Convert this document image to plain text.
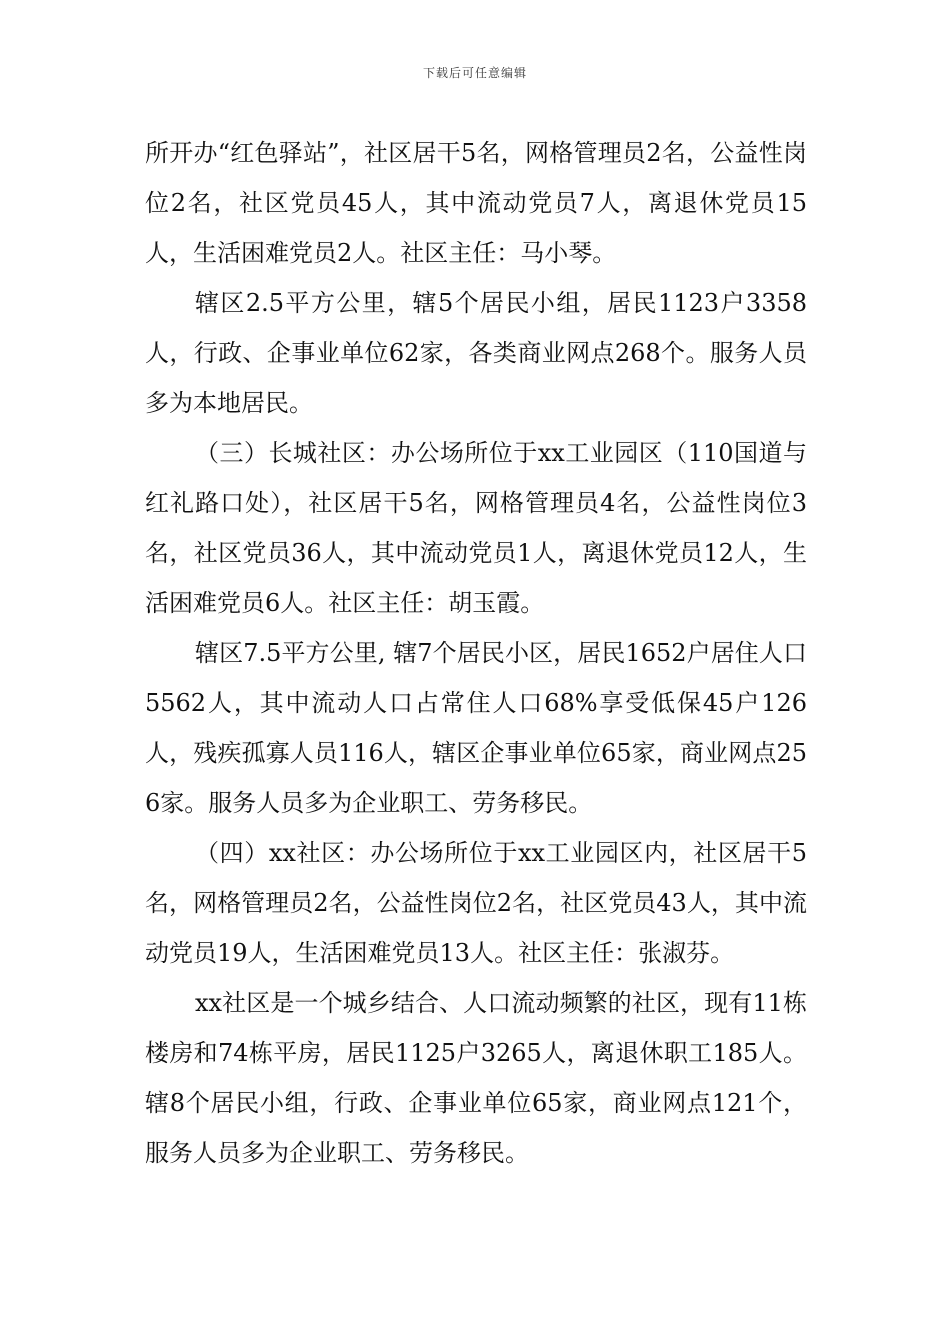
下载后可任意编辑

所开办“红色驿站”，社区居干5名，网格管理员2名，公益性岗位2名，社区党员45人，其中流动党员7人，离退休党员15人，生活困难党员2人。社区主任：马小琴。

辖区2.5平方公里，辖5个居民小组，居民1123户3358人，行政、企事业单位62家，各类商业网点268个。服务人员多为本地居民。

（三）长城社区：办公场所位于xx工业园区（110国道与红礼路口处），社区居干5名，网格管理员4名，公益性岗位3名，社区党员36人，其中流动党员1人，离退休党员12人，生活困难党员6人。社区主任：胡玉霞。

辖区7.5平方公里, 辖7个居民小区，居民1652户居住人口5562人，其中流动人口占常住人口68%享受低保45户126人，残疾孤寡人员116人，辖区企事业单位65家，商业网点256家。服务人员多为企业职工、劳务移民。

（四）xx社区：办公场所位于xx工业园区内，社区居干5名，网格管理员2名，公益性岗位2名，社区党员43人，其中流动党员19人，生活困难党员13人。社区主任：张淑芬。

xx社区是一个城乡结合、人口流动频繁的社区，现有11栋楼房和74栋平房，居民1125户3265人，离退休职工185人。辖8个居民小组，行政、企事业单位65家，商业网点121个，服务人员多为企业职工、劳务移民。
